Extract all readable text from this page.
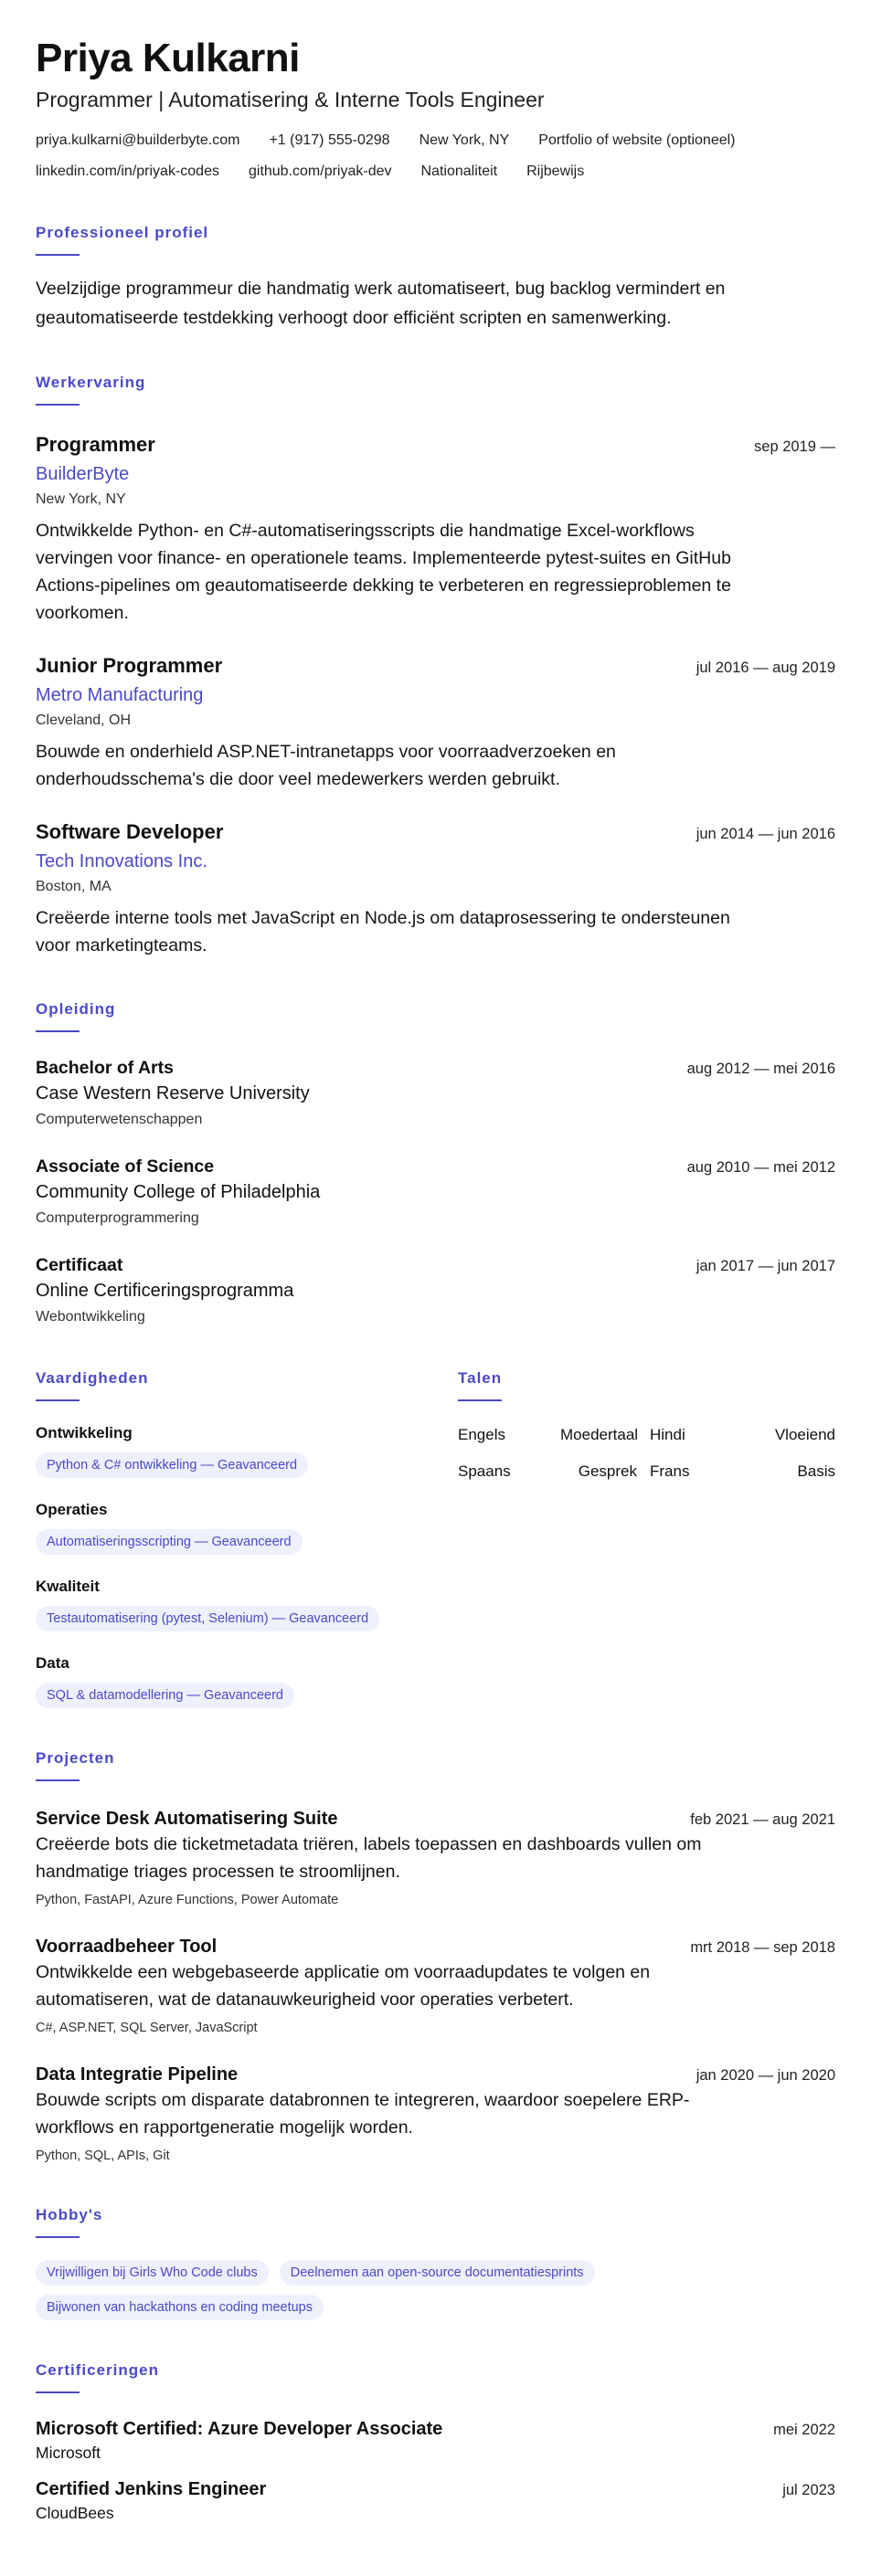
Priya Kulkarni
Programmer | Automatisering & Interne Tools Engineer
priya.kulkarni@builderbyte.com +1 (917) 555-0298 New York, NY Portfolio of website (optioneel)
linkedin.com/in/priyak-codes github.com/priyak-dev Nationaliteit Rijbewijs
Professioneel profiel

Veelzijdige programmeur die handmatig werk automatiseert, bug backlog vermindert en geautomatiseerde testdekking verhoogt door efficiënt scripten en samenwerking.

Werkervaring
Programmer	sep 2019 —
BuilderByte
New York, NY

Ontwikkelde Python- en C#-automatiseringsscripts die handmatige Excel-workflows vervingen voor finance- en operationele teams. Implementeerde pytest-suites en GitHub Actions-pipelines om geautomatiseerde dekking te verbeteren en regressieproblemen te voorkomen.

Junior Programmer	jul 2016 — aug 2019
Metro Manufacturing
Cleveland, OH

Bouwde en onderhield ASP.NET-intranetapps voor voorraadverzoeken en onderhoudsschema's die door veel medewerkers werden gebruikt.

Software Developer	jun 2014 — jun 2016
Tech Innovations Inc.
Boston, MA

Creëerde interne tools met JavaScript en Node.js om dataprosessering te ondersteunen voor marketingteams.

Opleiding
Bachelor of Arts	aug 2012 — mei 2016
Case Western Reserve University
Computerwetenschappen
Associate of Science	aug 2010 — mei 2012
Community College of Philadelphia
Computerprogrammering
Certificaat	jan 2017 — jun 2017
Online Certificeringsprogramma
Webontwikkeling
Vaardigheden
Ontwikkeling
Python & C# ontwikkeling — Geavanceerd
Operaties
Automatiseringsscripting — Geavanceerd
Kwaliteit
Testautomatisering (pytest, Selenium) — Geavanceerd
Data
SQL & datamodellering — Geavanceerd
Talen
Engels	Moedertaal Hindi	Vloeiend
Spaans	Gesprek Frans	Basis
Projecten
Service Desk Automatisering Suite	feb 2021 — aug 2021

Creëerde bots die ticketmetadata triëren, labels toepassen en dashboards vullen om handmatige triages processen te stroomlijnen.

Python, FastAPI, Azure Functions, Power Automate
Voorraadbeheer Tool	mrt 2018 — sep 2018

Ontwikkelde een webgebaseerde applicatie om voorraadupdates te volgen en automatiseren, wat de datanauwkeurigheid voor operaties verbetert.

C#, ASP.NET, SQL Server, JavaScript
Data Integratie Pipeline	jan 2020 — jun 2020

Bouwde scripts om disparate databronnen te integreren, waardoor soepelere ERP-workflows en rapportgeneratie mogelijk worden.

Python, SQL, APIs, Git
Hobby's
Vrijwilligen bij Girls Who Code clubs	Deelnemen aan open-source documentatiesprints
Bijwonen van hackathons en coding meetups
Certificeringen
Microsoft Certified: Azure Developer Associate	mei 2022
Microsoft
Certified Jenkins Engineer	jul 2023
CloudBees
